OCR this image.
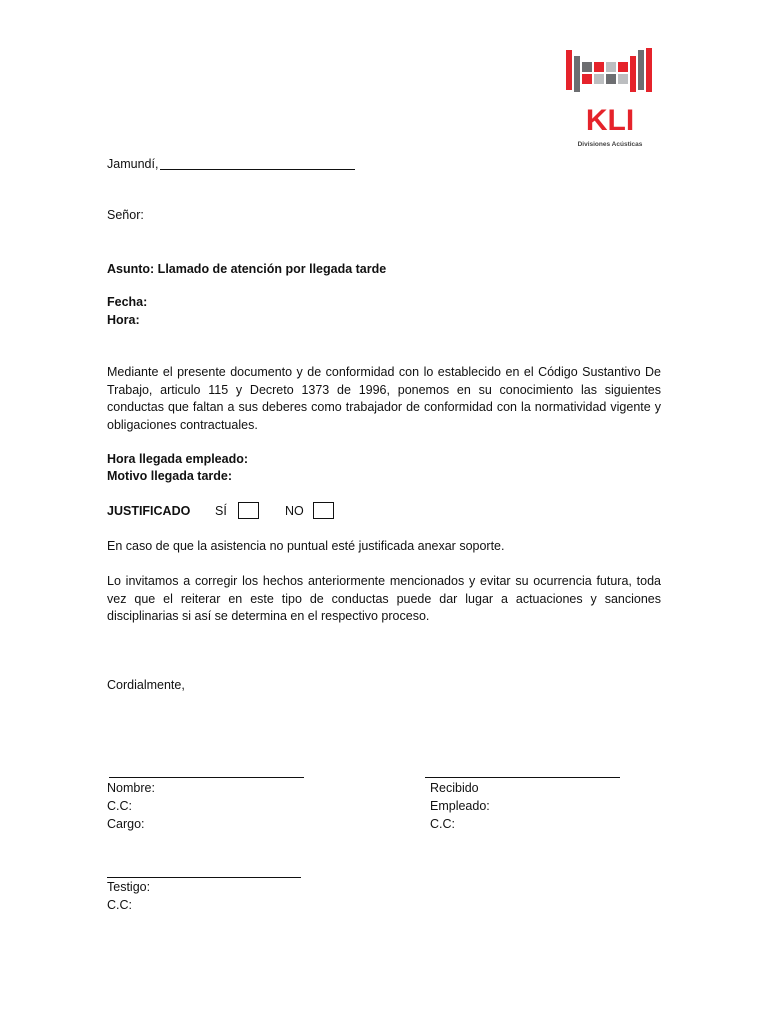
KLI
Divisiones Acústicas
Jamundí,
Señor:
Asunto: Llamado de atención por llegada tarde
Fecha:
Hora:
Mediante el presente documento y de conformidad con lo establecido en el Código Sustantivo De Trabajo, articulo 115 y Decreto 1373 de 1996, ponemos en su conocimiento las siguientes conductas que faltan a sus deberes como trabajador de conformidad con la normatividad vigente y obligaciones contractuales.
Hora llegada empleado:
Motivo llegada tarde:
JUSTIFICADO SÍ	NO
En caso de que la asistencia no puntual esté justificada anexar soporte.
Lo invitamos a corregir los hechos anteriormente mencionados y evitar su ocurrencia futura, toda vez que el reiterar en este tipo de conductas puede dar lugar a actuaciones y sanciones disciplinarias si así se determina en el respectivo proceso.
Cordialmente,
Nombre:
C.C:
Cargo:
Recibido
Empleado:
C.C:
Testigo:
C.C:
